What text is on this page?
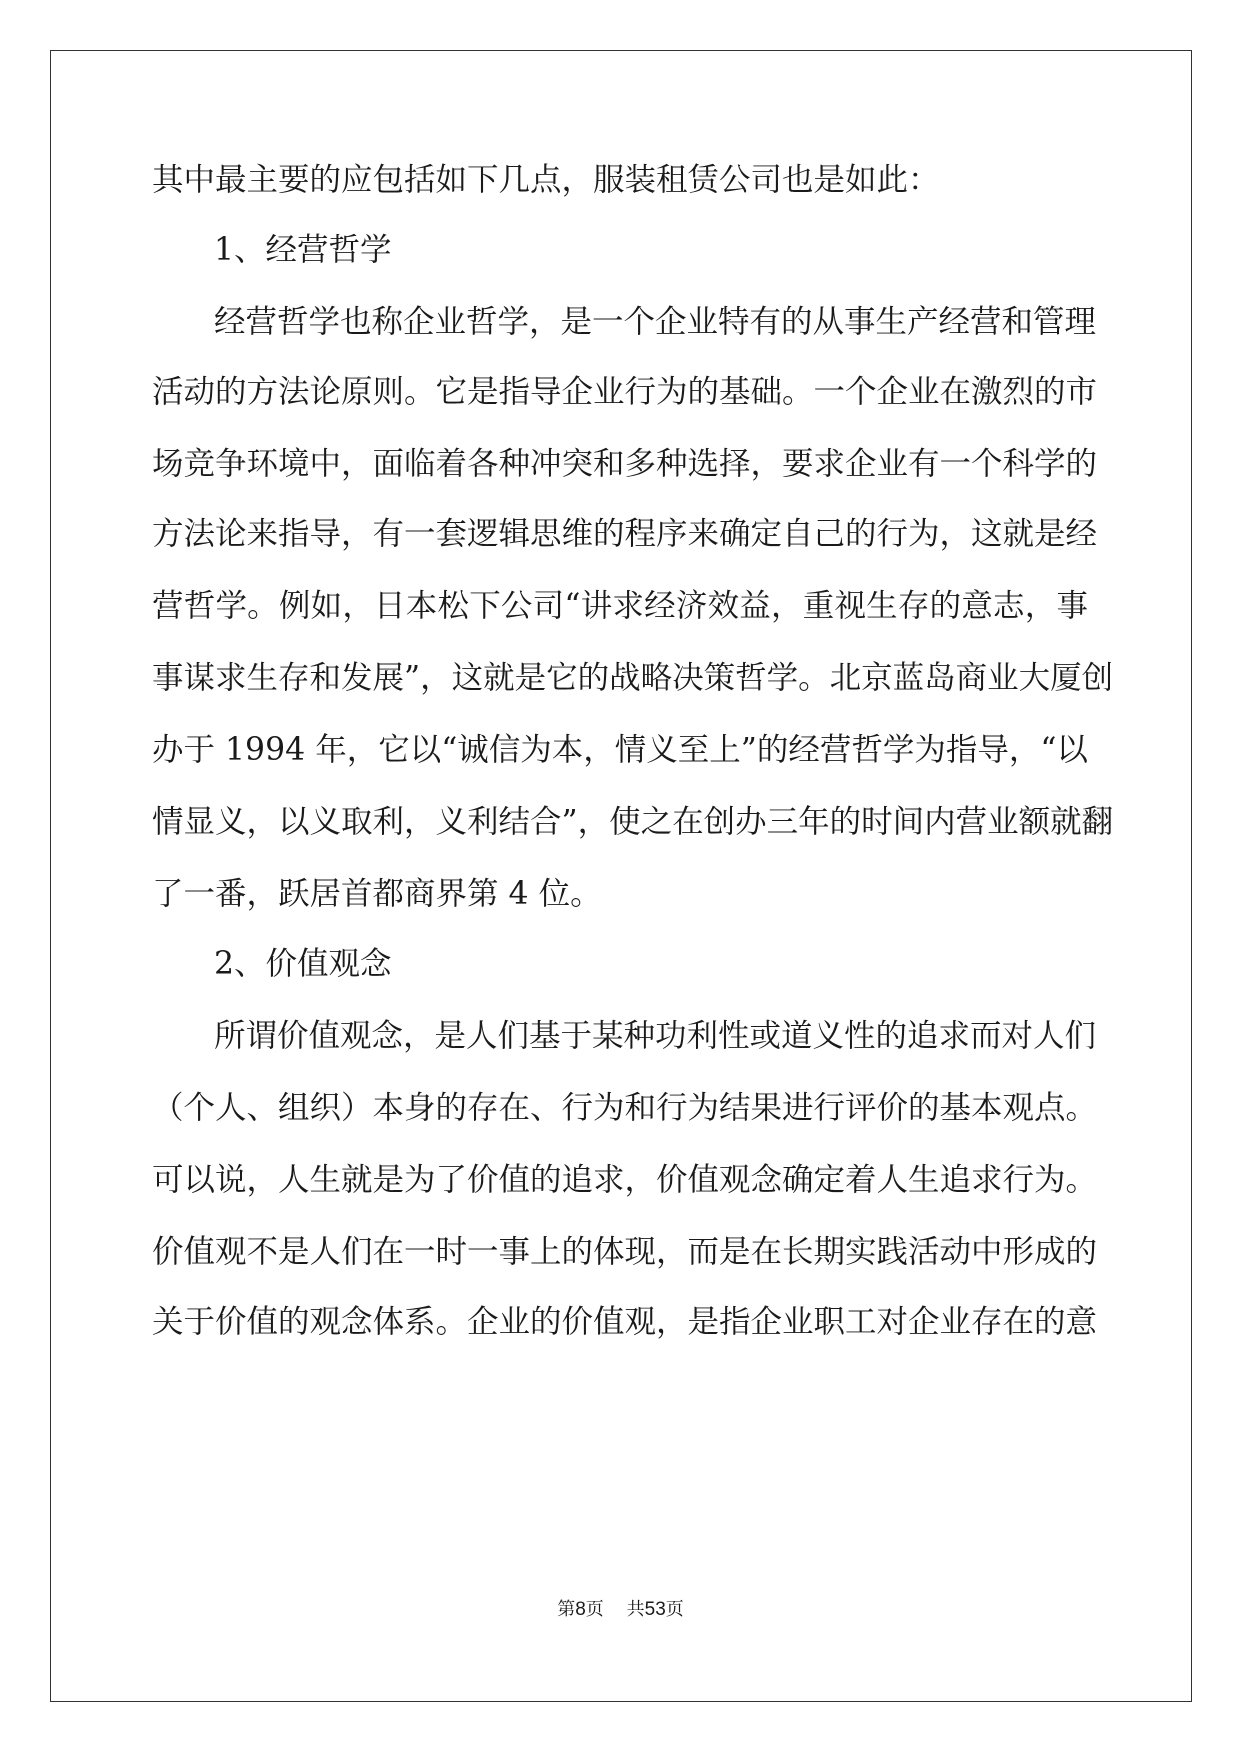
其中最主要的应包括如下几点，服装租赁公司也是如此：
1、经营哲学
经营哲学也称企业哲学，是一个企业特有的从事生产经营和管理
活动的方法论原则。它是指导企业行为的基础。一个企业在激烈的市
场竞争环境中，面临着各种冲突和多种选择，要求企业有一个科学的
方法论来指导，有一套逻辑思维的程序来确定自己的行为，这就是经
营哲学。例如，日本松下公司“讲求经济效益，重视生存的意志，事
事谋求生存和发展”，这就是它的战略决策哲学。北京蓝岛商业大厦创
办于 1994 年，它以“诚信为本，情义至上”的经营哲学为指导，“以
情显义，以义取利，义利结合”，使之在创办三年的时间内营业额就翻
了一番，跃居首都商界第 4 位。
2、价值观念
所谓价值观念，是人们基于某种功利性或道义性的追求而对人们
（个人、组织）本身的存在、行为和行为结果进行评价的基本观点。
可以说，人生就是为了价值的追求，价值观念确定着人生追求行为。
价值观不是人们在一时一事上的体现，而是在长期实践活动中形成的
关于价值的观念体系。企业的价值观，是指企业职工对企业存在的意
第8页 共53页
